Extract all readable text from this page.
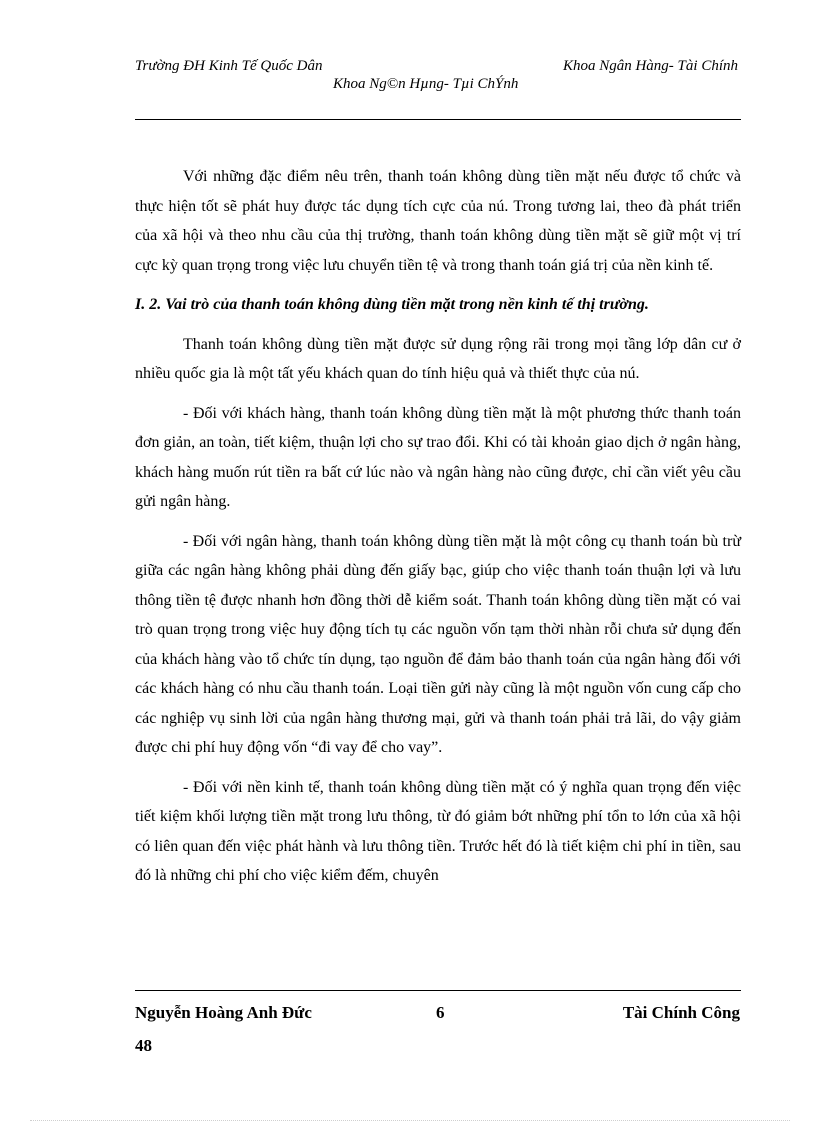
Trường ĐH Kinh Tế Quốc Dân	Khoa Ngân Hàng- Tài Chính
Khoa Ng©n Hµng- Tµi ChÝnh

Với những đặc điểm nêu trên, thanh toán không dùng tiền mặt nếu được tổ chức và thực hiện tốt sẽ phát huy được tác dụng tích cực của nú. Trong tương lai, theo đà phát triển của xã hội và theo nhu cầu của thị trường, thanh toán không dùng tiền mặt sẽ giữ một vị trí cực kỳ quan trọng trong việc lưu chuyển tiền tệ và trong thanh toán giá trị của nền kinh tế.

I. 2. Vai trò của thanh toán không dùng tiền mặt trong nền kinh tế thị trường.

Thanh toán không dùng tiền mặt được sử dụng rộng rãi trong mọi tầng lớp dân cư ở nhiều quốc gia là một tất yếu khách quan do tính hiệu quả và thiết thực của nú.

- Đối với khách hàng, thanh toán không dùng tiền mặt là một phương thức thanh toán đơn giản, an toàn, tiết kiệm, thuận lợi cho sự trao đổi. Khi có tài khoản giao dịch ở ngân hàng, khách hàng muốn rút tiền ra bất cứ lúc nào và ngân hàng nào cũng được, chỉ cần viết yêu cầu gửi ngân hàng.

- Đối với ngân hàng, thanh toán không dùng tiền mặt là một công cụ thanh toán bù trừ giữa các ngân hàng không phải dùng đến giấy bạc, giúp cho việc thanh toán thuận lợi và lưu thông tiền tệ được nhanh hơn đồng thời dễ kiểm soát. Thanh toán không dùng tiền mặt có vai trò quan trọng trong việc huy động tích tụ các nguồn vốn tạm thời nhàn rỗi chưa sử dụng đến của khách hàng vào tổ chức tín dụng, tạo nguồn để đảm bảo thanh toán của ngân hàng đối với các khách hàng có nhu cầu thanh toán. Loại tiền gửi này cũng là một nguồn vốn cung cấp cho các nghiệp vụ sinh lời của ngân hàng thương mại, gửi và thanh toán phải trả lãi, do vậy giảm được chi phí huy động vốn “đi vay để cho vay”.

- Đối với nền kinh tế, thanh toán không dùng tiền mặt có ý nghĩa quan trọng đến việc tiết kiệm khối lượng tiền mặt trong lưu thông, từ đó giảm bớt những phí tổn to lớn của xã hội có liên quan đến việc phát hành và lưu thông tiền. Trước hết đó là tiết kiệm chi phí in tiền, sau đó là những chi phí cho việc kiểm đếm, chuyên

Nguyễn Hoàng Anh Đức	6	Tài Chính Công
48
